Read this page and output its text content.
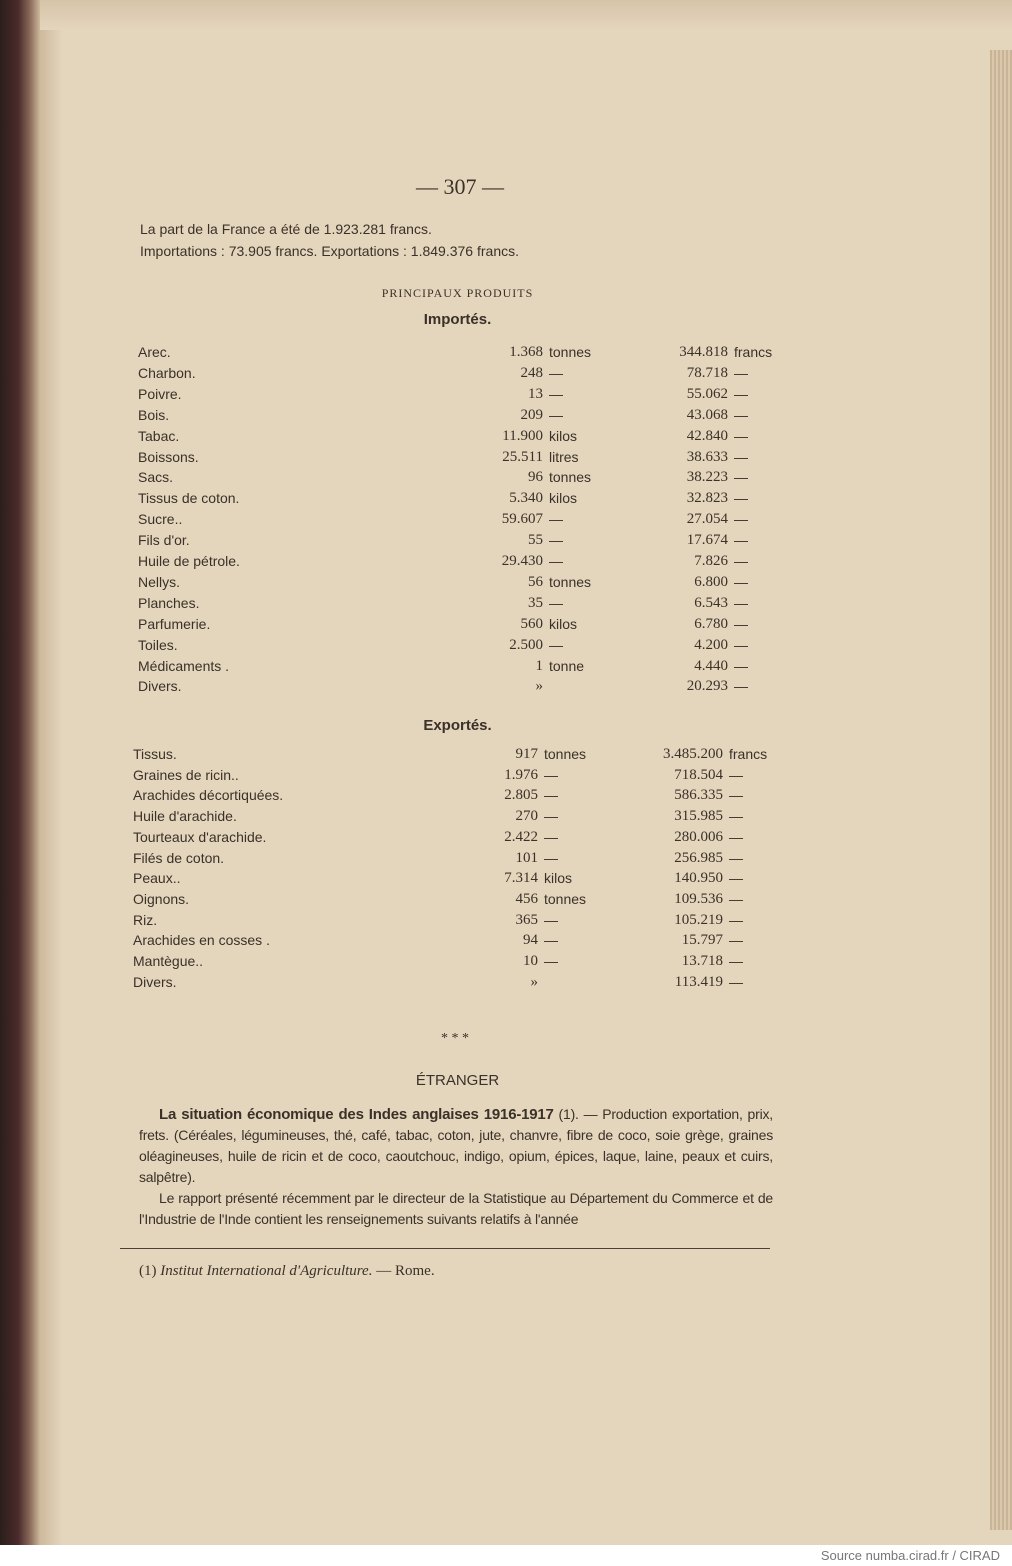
— 307 —
La part de la France a été de 1.923.281 francs.
Importations : 73.905 francs. Exportations : 1.849.376 francs.
PRINCIPAUX PRODUITS
Importés.
Arec.	1.368 tonnes	344.818 francs
Charbon.	248 —	78.718 —
Poivre.	13 —	55.062 —
Bois.	209 —	43.068 —
Tabac.	11.900 kilos	42.840 —
Boissons.	25.511 litres	38.633 —
Sacs.	96 tonnes	38.223 —
Tissus de coton.	5.340 kilos	32.823 —
Sucre..	59.607 —	27.054 —
Fils d'or.	55 —	17.674 —
Huile de pétrole.	29.430 —	7.826 —
Nellys.	56 tonnes	6.800 —
Planches.	35 —	6.543 —
Parfumerie.	560 kilos	6.780 —
Toiles.	2.500 —	4.200 —
Médicaments .	1 tonne	4.440 —
Divers.	»	20.293 —
Exportés.
Tissus.	917 tonnes	3.485.200 francs
Graines de ricin..	1.976 —	718.504 —
Arachides décortiquées.	2.805 —	586.335 —
Huile d'arachide.	270 —	315.985 —
Tourteaux d'arachide.	2.422 —	280.006 —
Filés de coton.	101 —	256.985 —
Peaux..	7.314 kilos	140.950 —
Oignons.	456 tonnes	109.536 —
Riz.	365 —	105.219 —
Arachides en cosses .	94 —	15.797 —
Mantègue..	10 —	13.718 —
Divers.	»	113.419 —
* * *
ÉTRANGER
La situation économique des Indes anglaises 1916-1917 (1). — Production exportation, prix, frets. (Céréales, légumineuses, thé, café, tabac, coton, jute, chanvre, fibre de coco, soie grège, graines oléagineuses, huile de ricin et de coco, caoutchouc, indigo, opium, épices, laque, laine, peaux et cuirs, salpêtre).
Le rapport présenté récemment par le directeur de la Statistique au Département du Commerce et de l'Industrie de l'Inde contient les renseignements suivants relatifs à l'année
(1) Institut International d'Agriculture. — Rome.
Source numba.cirad.fr / CIRAD
